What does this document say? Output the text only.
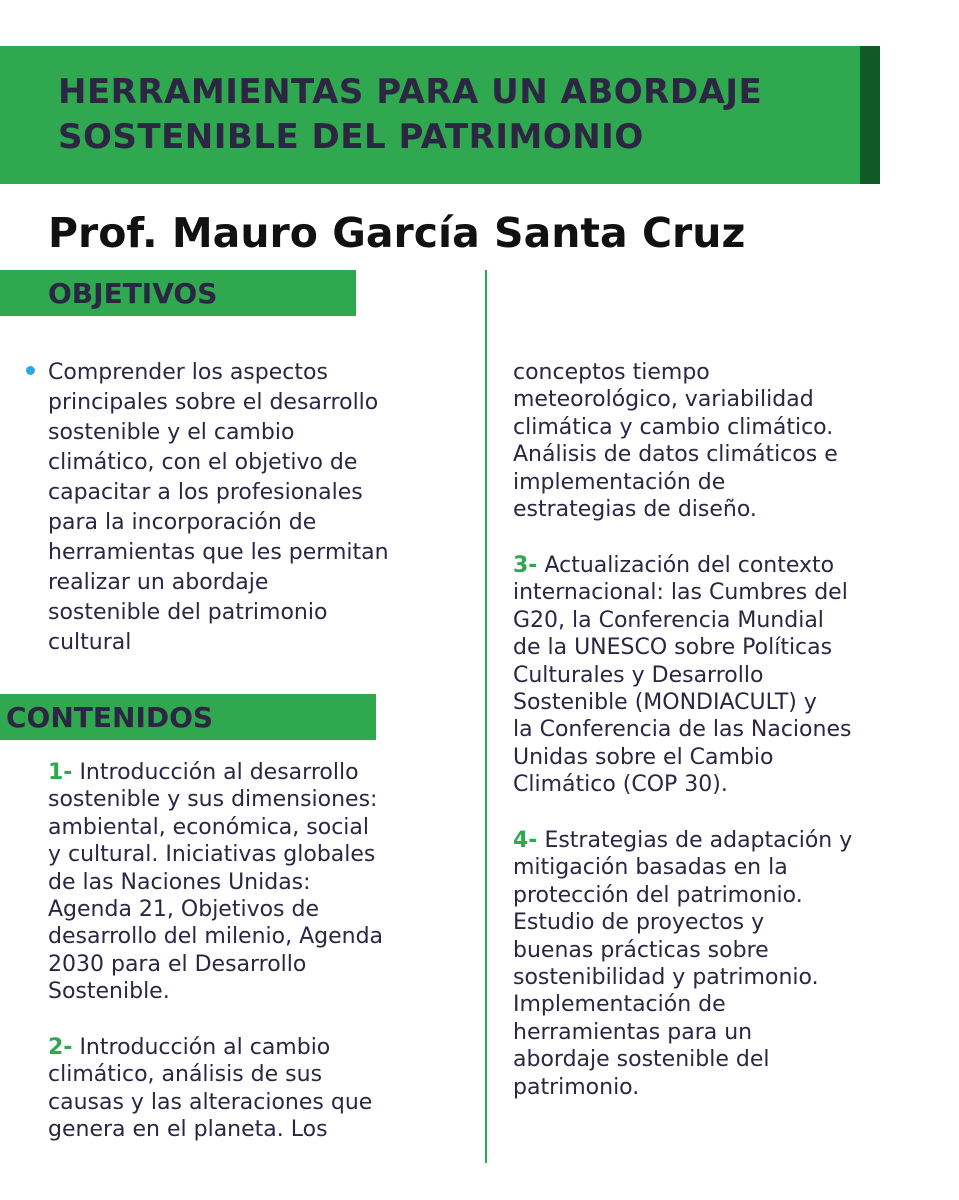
HERRAMIENTAS PARA UN ABORDAJE
SOSTENIBLE DEL PATRIMONIO
Prof. Mauro García Santa Cruz
OBJETIVOS
Comprender los aspectos
principales sobre el desarrollo
sostenible y el cambio
climático, con el objetivo de
capacitar a los profesionales
para la incorporación de
herramientas que les permitan
realizar un abordaje
sostenible del patrimonio
cultural
CONTENIDOS
1- Introducción al desarrollo
sostenible y sus dimensiones:
ambiental, económica, social
y cultural. Iniciativas globales
de las Naciones Unidas:
Agenda 21, Objetivos de
desarrollo del milenio, Agenda
2030 para el Desarrollo
Sostenible.
2- Introducción al cambio
climático, análisis de sus
causas y las alteraciones que
genera en el planeta. Los
conceptos tiempo
meteorológico, variabilidad
climática y cambio climático.
Análisis de datos climáticos e
implementación de
estrategias de diseño.
3- Actualización del contexto
internacional: las Cumbres del
G20, la Conferencia Mundial
de la UNESCO sobre Políticas
Culturales y Desarrollo
Sostenible (MONDIACULT) y
la Conferencia de las Naciones
Unidas sobre el Cambio
Climático (COP 30).
4- Estrategias de adaptación y
mitigación basadas en la
protección del patrimonio.
Estudio de proyectos y
buenas prácticas sobre
sostenibilidad y patrimonio.
Implementación de
herramientas para un
abordaje sostenible del
patrimonio.
